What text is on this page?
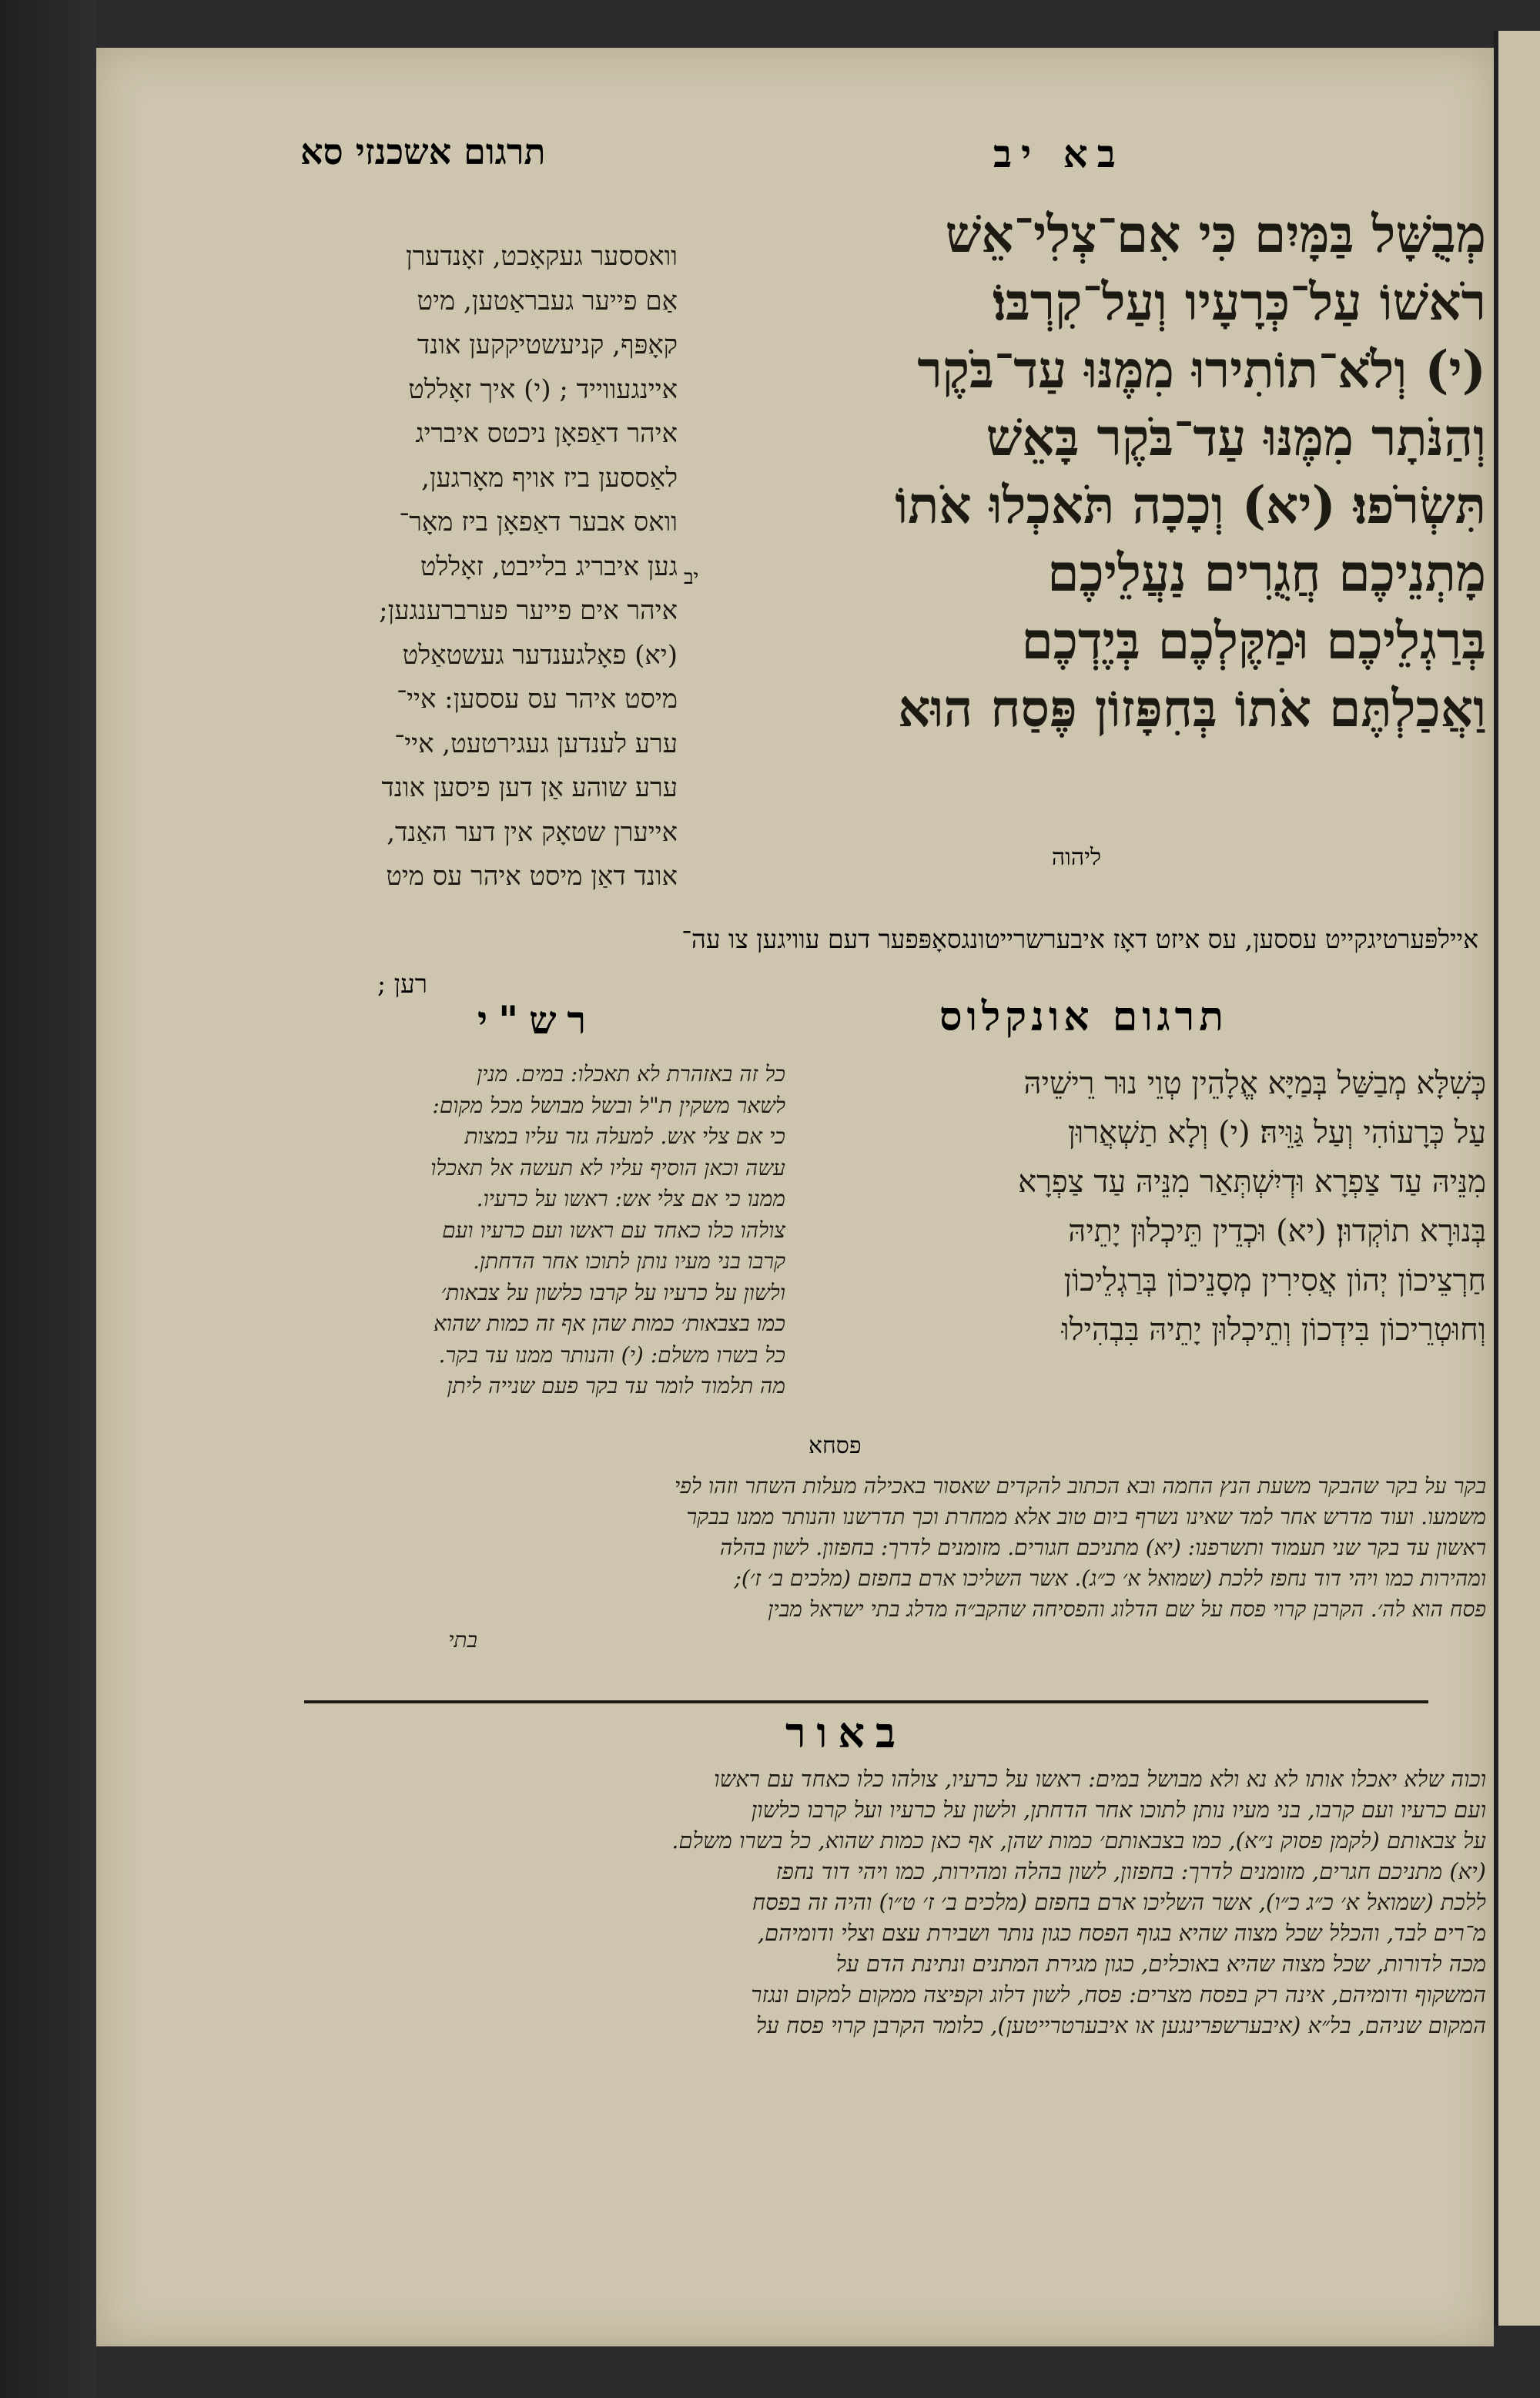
תרגום אשכנזי סא	בא יב
מְבֻשָּׁל בַּמָּיִם כִּי אִם־צְלִי־אֵשׁ
רֹאשׁוֹ עַל־כְּרָעָיו וְעַל־קִרְבּוֹ׃
(י) וְלֹא־תוֹתִירוּ מִמֶּנּוּ עַד־בֹּקֶר
וְהַנֹּתָר מִמֶּנּוּ עַד־בֹּקֶר בָּאֵשׁ
תִּשְׂרֹפוּ׃ (יא) וְכָכָה תֹּאכְלוּ אֹתוֹ
מָתְנֵיכֶם חֲגֻרִים נַעֲלֵיכֶם
בְּרַגְלֵיכֶם וּמַקֶּלְכֶם בְּיֶדְכֶם
וַאֲכַלְתֶּם אֹתוֹ בְּחִפָּזוֹן פֶּסַח הוּא
ליהוה
וואססער געקאָכט, זאָנדערן
אַם פייער געבראַטען, מיט
קאָפּף, קניעשטיקקען אונד
איינגעווייד ; (י) איך זאָללט
איהר דאַפאָן ניכטס איבריג
לאַססען ביז אויף מאָרגען,
וואס אבער דאַפאָן ביז מאָר־
גען איבריג בלייבט, זאָללט
איהר אים פייער פערברענגען;
(יא) פאָלגענדער געשטאַלט
מיסט איהר עס עססען: איי־
ערע לענדען געגירטעט, איי־
ערע שוהע אַן דען פיסען אונד
אייערן שטאָק אין דער האַנד,
אונד דאַן מיסט איהר עס מיט
יב
איילפּערטיגקייט עססען, עס איזט דאָז איבערשרייטונגסאָפּפער דעם עוויגען צו עה־
רען ;
תרגום אונקלוס
כְּשִׁלָּא מְבַשַּׁל בְּמַיָּא אֱלָהֵין טְוֵי נוּר רֵישֵׁיהּ
עַל כְּרָעוֹהִי וְעַל גַּוֵּיהּ׃ (י) וְלָא תַשְׁאֲרוּן
מִנֵּיהּ עַד צַפְרָא וּדְיִשְׁתְּאַר מִנֵּיהּ עַד צַפְרָא
בְּנוּרָא תוֹקְדוּן׃ (יא) וּכְדֵין תֵּיכְלוּן יָתֵיהּ
חַרְצֵיכוֹן יְהוֹן אֲסִירִין מְסָנֵיכוֹן בְּרַגְלֵיכוֹן
וְחוּטְרֵיכוֹן בִּידְכוֹן וְתֵיכְלוּן יָתֵיהּ בִּבְהִילוּ
פסחא
רש"י
כל זה באזהרת לא תאכלו: במים. מנין
לשאר משקין ת"ל ובשל מבושל מכל מקום:
כי אם צלי אש. למעלה גזר עליו במצות
עשה וכאן הוסיף עליו לא תעשה אל תאכלו
ממנו כי אם צלי אש: ראשו על כרעיו.
צולהו כלו כאחד עם ראשו ועם כרעיו ועם
קרבו בני מעיו נותן לתוכו אחר הדחתן.
ולשון על כרעיו על קרבו כלשון על צבאות׳
כמו בצבאות׳ כמות שהן אף זה כמות שהוא
כל בשרו משלם: (י) והנותר ממנו עד בקר.
מה תלמוד לומר עד בקר פעם שנייה ליתן
בקר על בקר שהבקר משעת הנץ החמה ובא הכתוב להקדים שאסור באכילה מעלות השחר וזהו לפי
משמעו. ועוד מדרש אחר למד שאינו נשרף ביום טוב אלא ממחרת וכך תדרשנו והנותר ממנו בבקר
ראשון עד בקר שני תעמוד ותשרפנו: (יא) מתניכם חגורים. מזומנים לדרך: בחפזון. לשון בהלה
ומהירות כמו ויהי דוד נחפז ללכת (שמואל א׳ כ״ג). אשר השליכו ארם בחפזם (מלכים ב׳ ז׳);
פסח הוא לה׳. הקרבן קרוי פסח על שם הדלוג והפסיחה שהקב״ה מדלג בתי ישראל מבין
בתי
באור
וכוה שלא יאכלו אותו לא נא ולא מבושל במים: ראשו על כרעיו, צולהו כלו כאחד עם ראשו
ועם כרעיו ועם קרבו, בני מעיו נותן לתוכו אחר הדחתן, ולשון על כרעיו ועל קרבו כלשון
על צבאותם (לקמן פסוק נ״א), כמו בצבאותם׳ כמות שהן, אף כאן כמות שהוא, כל בשרו משלם.
(יא) מתניכם חגרים, מזומנים לדרך: בחפזון, לשון בהלה ומהירות, כמו ויהי דוד נחפז
ללכת (שמואל א׳ כ״ג כ״ו), אשר השליכו ארם בחפזם (מלכים ב׳ ז׳ ט״ו) והיה זה בפסח
מ־רים לבד, והכלל שכל מצוה שהיא בגוף הפסח כגון נותר ושבירת עצם וצלי ודומיהם,
מכה לדורות, שכל מצוה שהיא באוכלים, כגון מגירת המתנים ונתינת הדם על
המשקוף ודומיהם, אינה רק בפסח מצרים: פסח, לשון דלוג וקפיצה ממקום למקום ונגזר
המקום שניהם, בל״א (איבערשפרינגען או איבערטרייטען), כלומר הקרבן קרוי פסח על
